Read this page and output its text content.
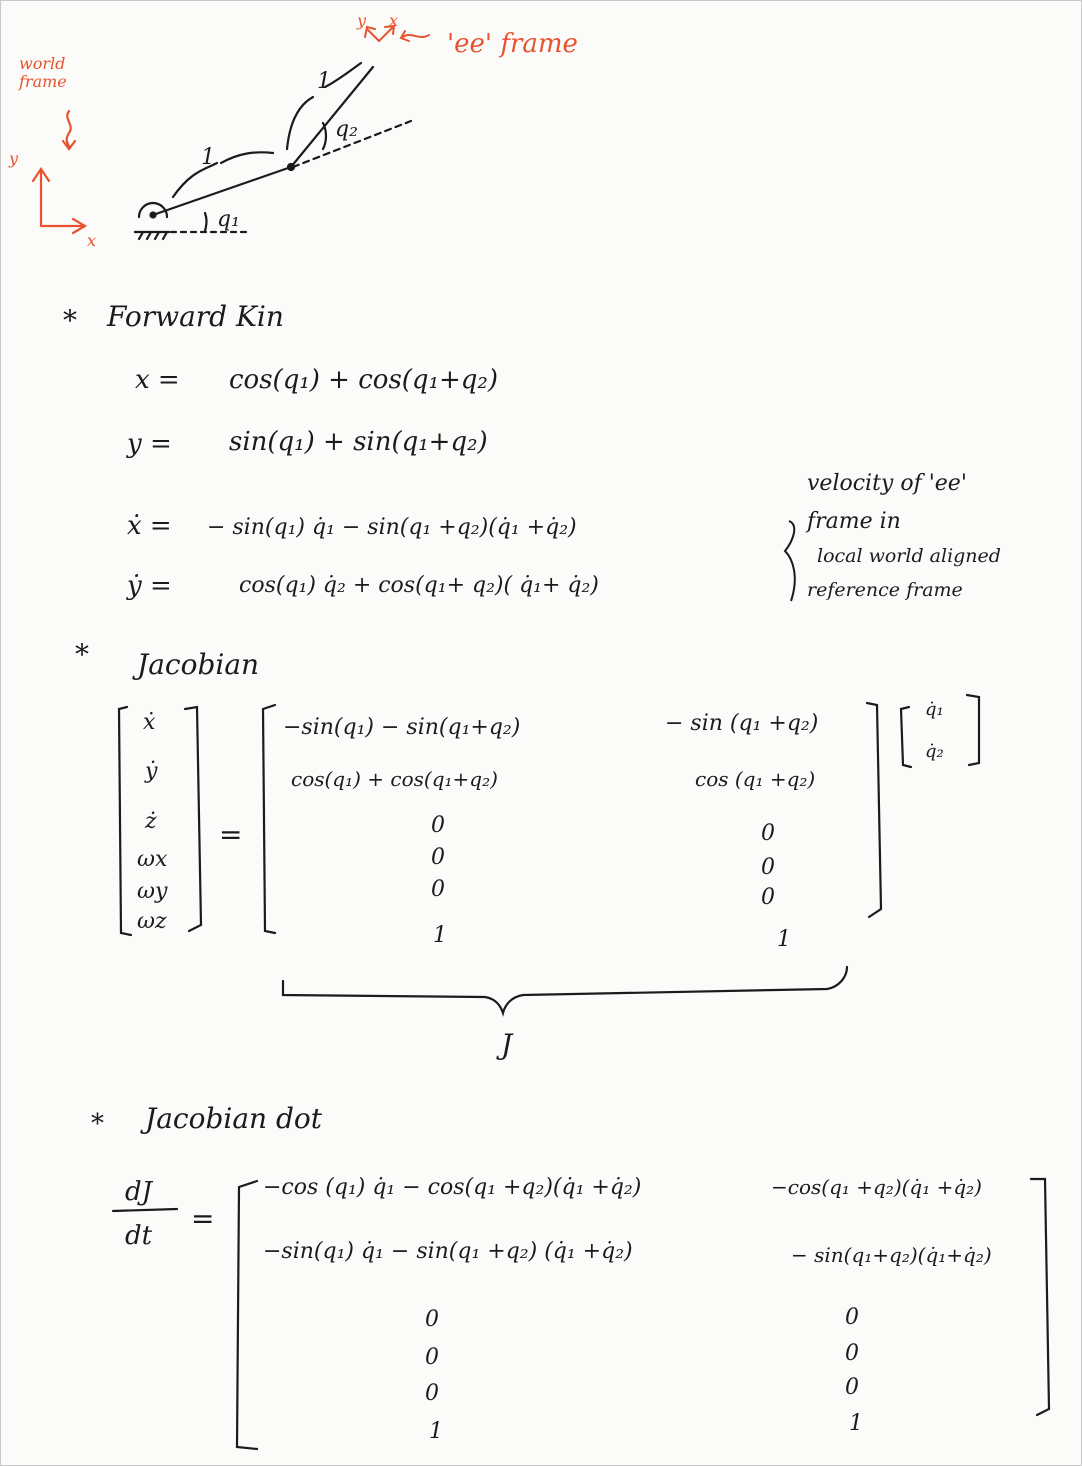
world
frame
'ee' frame
y
x
y x
1
1
q₁
q₂
* Forward Kin
x = cos(q₁) + cos(q₁+q₂)
y = sin(q₁) + sin(q₁+q₂)
ẋ = − sin(q₁) q̇₁ − sin(q₁ +q₂)(q̇₁ +q̇₂)
ẏ =	cos(q₁) q̇₂ + cos(q₁+ q₂)( q̇₁+ q̇₂)
velocity of 'ee'
frame in
local world aligned
reference frame
* Jacobian
ẋ
ẏ
ż
ωx
ωy
ωz
=
−sin(q₁) − sin(q₁+q₂)
cos(q₁) + cos(q₁+q₂)
0
0
0
1
− sin (q₁ +q₂)
cos (q₁ +q₂)
0
0
0
1
q̇₁
q̇₂
J
* Jacobian dot
dJ
dt
=
−cos (q₁) q̇₁ − cos(q₁ +q₂)(q̇₁ +q̇₂)
−sin(q₁) q̇₁ − sin(q₁ +q₂) (q̇₁ +q̇₂)
0
0
0
1
−cos(q₁ +q₂)(q̇₁ +q̇₂)
− sin(q₁+q₂)(q̇₁+q̇₂)
0
0
0
1
